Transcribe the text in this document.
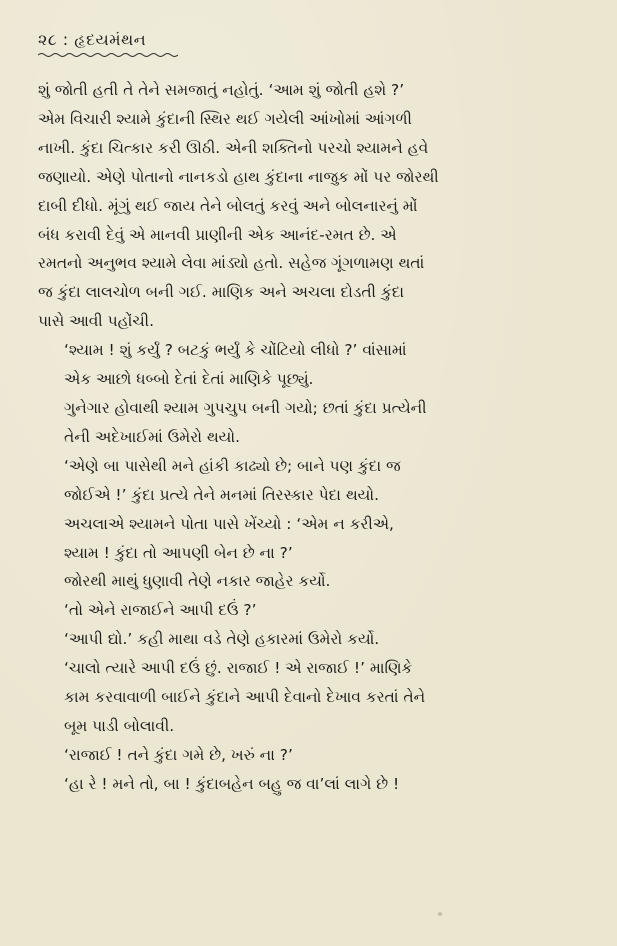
૨૮ : હૃદયમંથન

શું જોતી હતી તે તેને સમજાતું નહોતું. ‘આમ શું જોતી હશે ?’
એમ વિચારી શ્યામે કુંદાની સ્થિર થઈ ગયેલી આંખોમાં આંગળી
નાખી. કુંદા ચિત્કાર કરી ઊઠી. એની શક્તિનો પરચો શ્યામને હવે
જણાયો. એણે પોતાનો નાનકડો હાથ કુંદાના નાજુક મોં પર જોરથી
દાબી દીધો. મૂંગું થઈ જાય તેને બોલતું કરવું અને બોલનારનું મોં
બંધ કરાવી દેવું એ માનવી પ્રાણીની એક આનંદ-રમત છે. એ
રમતનો અનુભવ શ્યામે લેવા માંડ્યો હતો. સહેજ ગૂંગળામણ થતાં
જ કુંદા લાલચોળ બની ગઈ. માણિક અને અચલા દોડતી કુંદા
પાસે આવી પહોંચી.

‘શ્યામ ! શું કર્યું ? બટકું ભર્યું કે ચોંટિયો લીધો ?’ વાંસામાં
એક આછો ધબ્બો દેતાં દેતાં માણિકે પૂછ્યું.

ગુનેગાર હોવાથી શ્યામ ગુપચુપ બની ગયો; છતાં કુંદા પ્રત્યેની
તેની અદેખાઈમાં ઉમેરો થયો.

‘એણે બા પાસેથી મને હાંકી કાઢ્યો છે; બાને પણ કુંદા જ
જોઈએ !’ કુંદા પ્રત્યે તેને મનમાં તિરસ્કાર પેદા થયો.

અચલાએ શ્યામને પોતા પાસે ખેંચ્યો : ‘એમ ન કરીએ,
શ્યામ ! કુંદા તો આપણી બેન છે ના ?’

જોરથી માથું ધુણાવી તેણે નકાર જાહેર કર્યો.

‘તો એને રાજાઈને આપી દઉં ?’

‘આપી દ્યો.’ કહી માથા વડે તેણે હકારમાં ઉમેરો કર્યો.

‘ચાલો ત્યારે આપી દઉં છું. રાજાઈ ! એ રાજાઈ !’ માણિકે
કામ કરવાવાળી બાઈને કુંદાને આપી દેવાનો દેખાવ કરતાં તેને
બૂમ પાડી બોલાવી.

‘રાજાઈ ! તને કુંદા ગમે છે, ખરું ના ?’

‘હા રે ! મને તો, બા ! કુંદાબહેન બહુ જ વા’લાં લાગે છે !
